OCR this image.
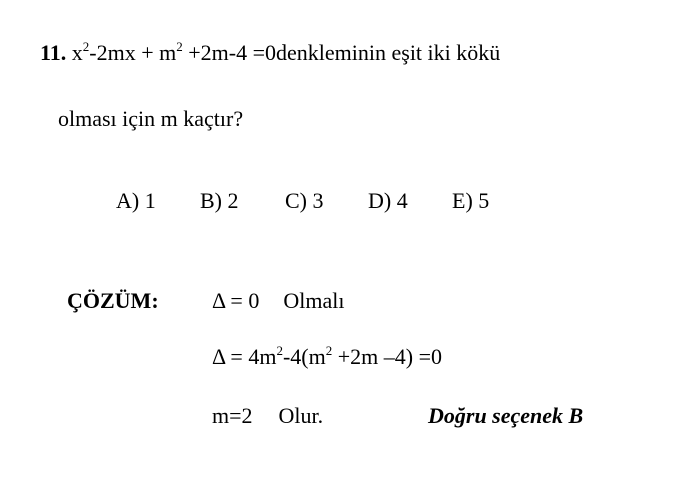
11. $x^2-2mx + m^2 +2m-4$ =0denkleminin eşit iki kökü
olması için m kaçtır?
A) 1 B) 2 C) 3 D) 4 E) 5
ÇÖZÜM: Δ = 0 Olmalı
$\Delta = 4m^2-4(m^2 +2m$ –4) =0
m=2 Olur.	Doğru seçenek B
